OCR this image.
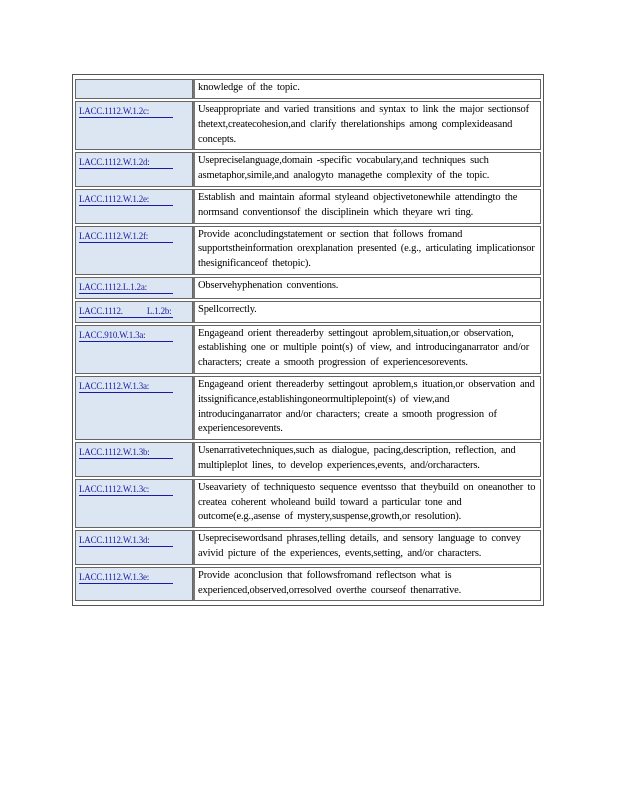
	knowledge of the topic.
LACC.1112.W.1.2c:	Useappropriate and varied transitions and syntax to link the major sectionsof thetext,createcohesion,and clarify therelationships among complexideasand concepts.
LACC.1112.W.1.2d:	Usepreciselanguage,domain -specific vocabulary,and techniques such asmetaphor,simile,and analogyto managethe complexity of the topic.
LACC.1112.W.1.2e:	Establish and maintain aformal styleand objectivetonewhile attendingto the normsand conventionsof the disciplinein which theyare wri ting.
LACC.1112.W.1.2f:	Provide aconcludingstatement or section that follows fromand supportstheinformation orexplanation presented (e.g., articulating implicationsor thesignificanceof thetopic).
LACC.1112.L.1.2a:	Observehyphenation conventions.
LACC.1112. L.1.2b:	Spellcorrectly.
LACC.910.W.1.3a:	Engageand orient thereaderby settingout aproblem,situation,or observation, establishing one or multiple point(s) of view, and introducinganarrator and/or characters; create a smooth progression of experiencesorevents.
LACC.1112.W.1.3a:	Engageand orient thereaderby settingout aproblem,s ituation,or observation and itssignificance,establishingoneormultiplepoint(s) of view,and introducinganarrator and/or characters; create a smooth progression of experiencesorevents.
LACC.1112.W.1.3b:	Usenarrativetechniques,such as dialogue, pacing,description, reflection, and multipleplot lines, to develop experiences,events, and/orcharacters.
LACC.1112.W.1.3c:	Useavariety of techniquesto sequence eventsso that theybuild on oneanother to createa coherent wholeand build toward a particular tone and outcome(e.g.,asense of mystery,suspense,growth,or resolution).
LACC.1112.W.1.3d:	Useprecisewordsand phrases,telling details, and sensory language to convey avivid picture of the experiences, events,setting, and/or characters.
LACC.1112.W.1.3e:	Provide aconclusion that followsfromand reflectson what is experienced,observed,orresolved overthe courseof thenarrative.
